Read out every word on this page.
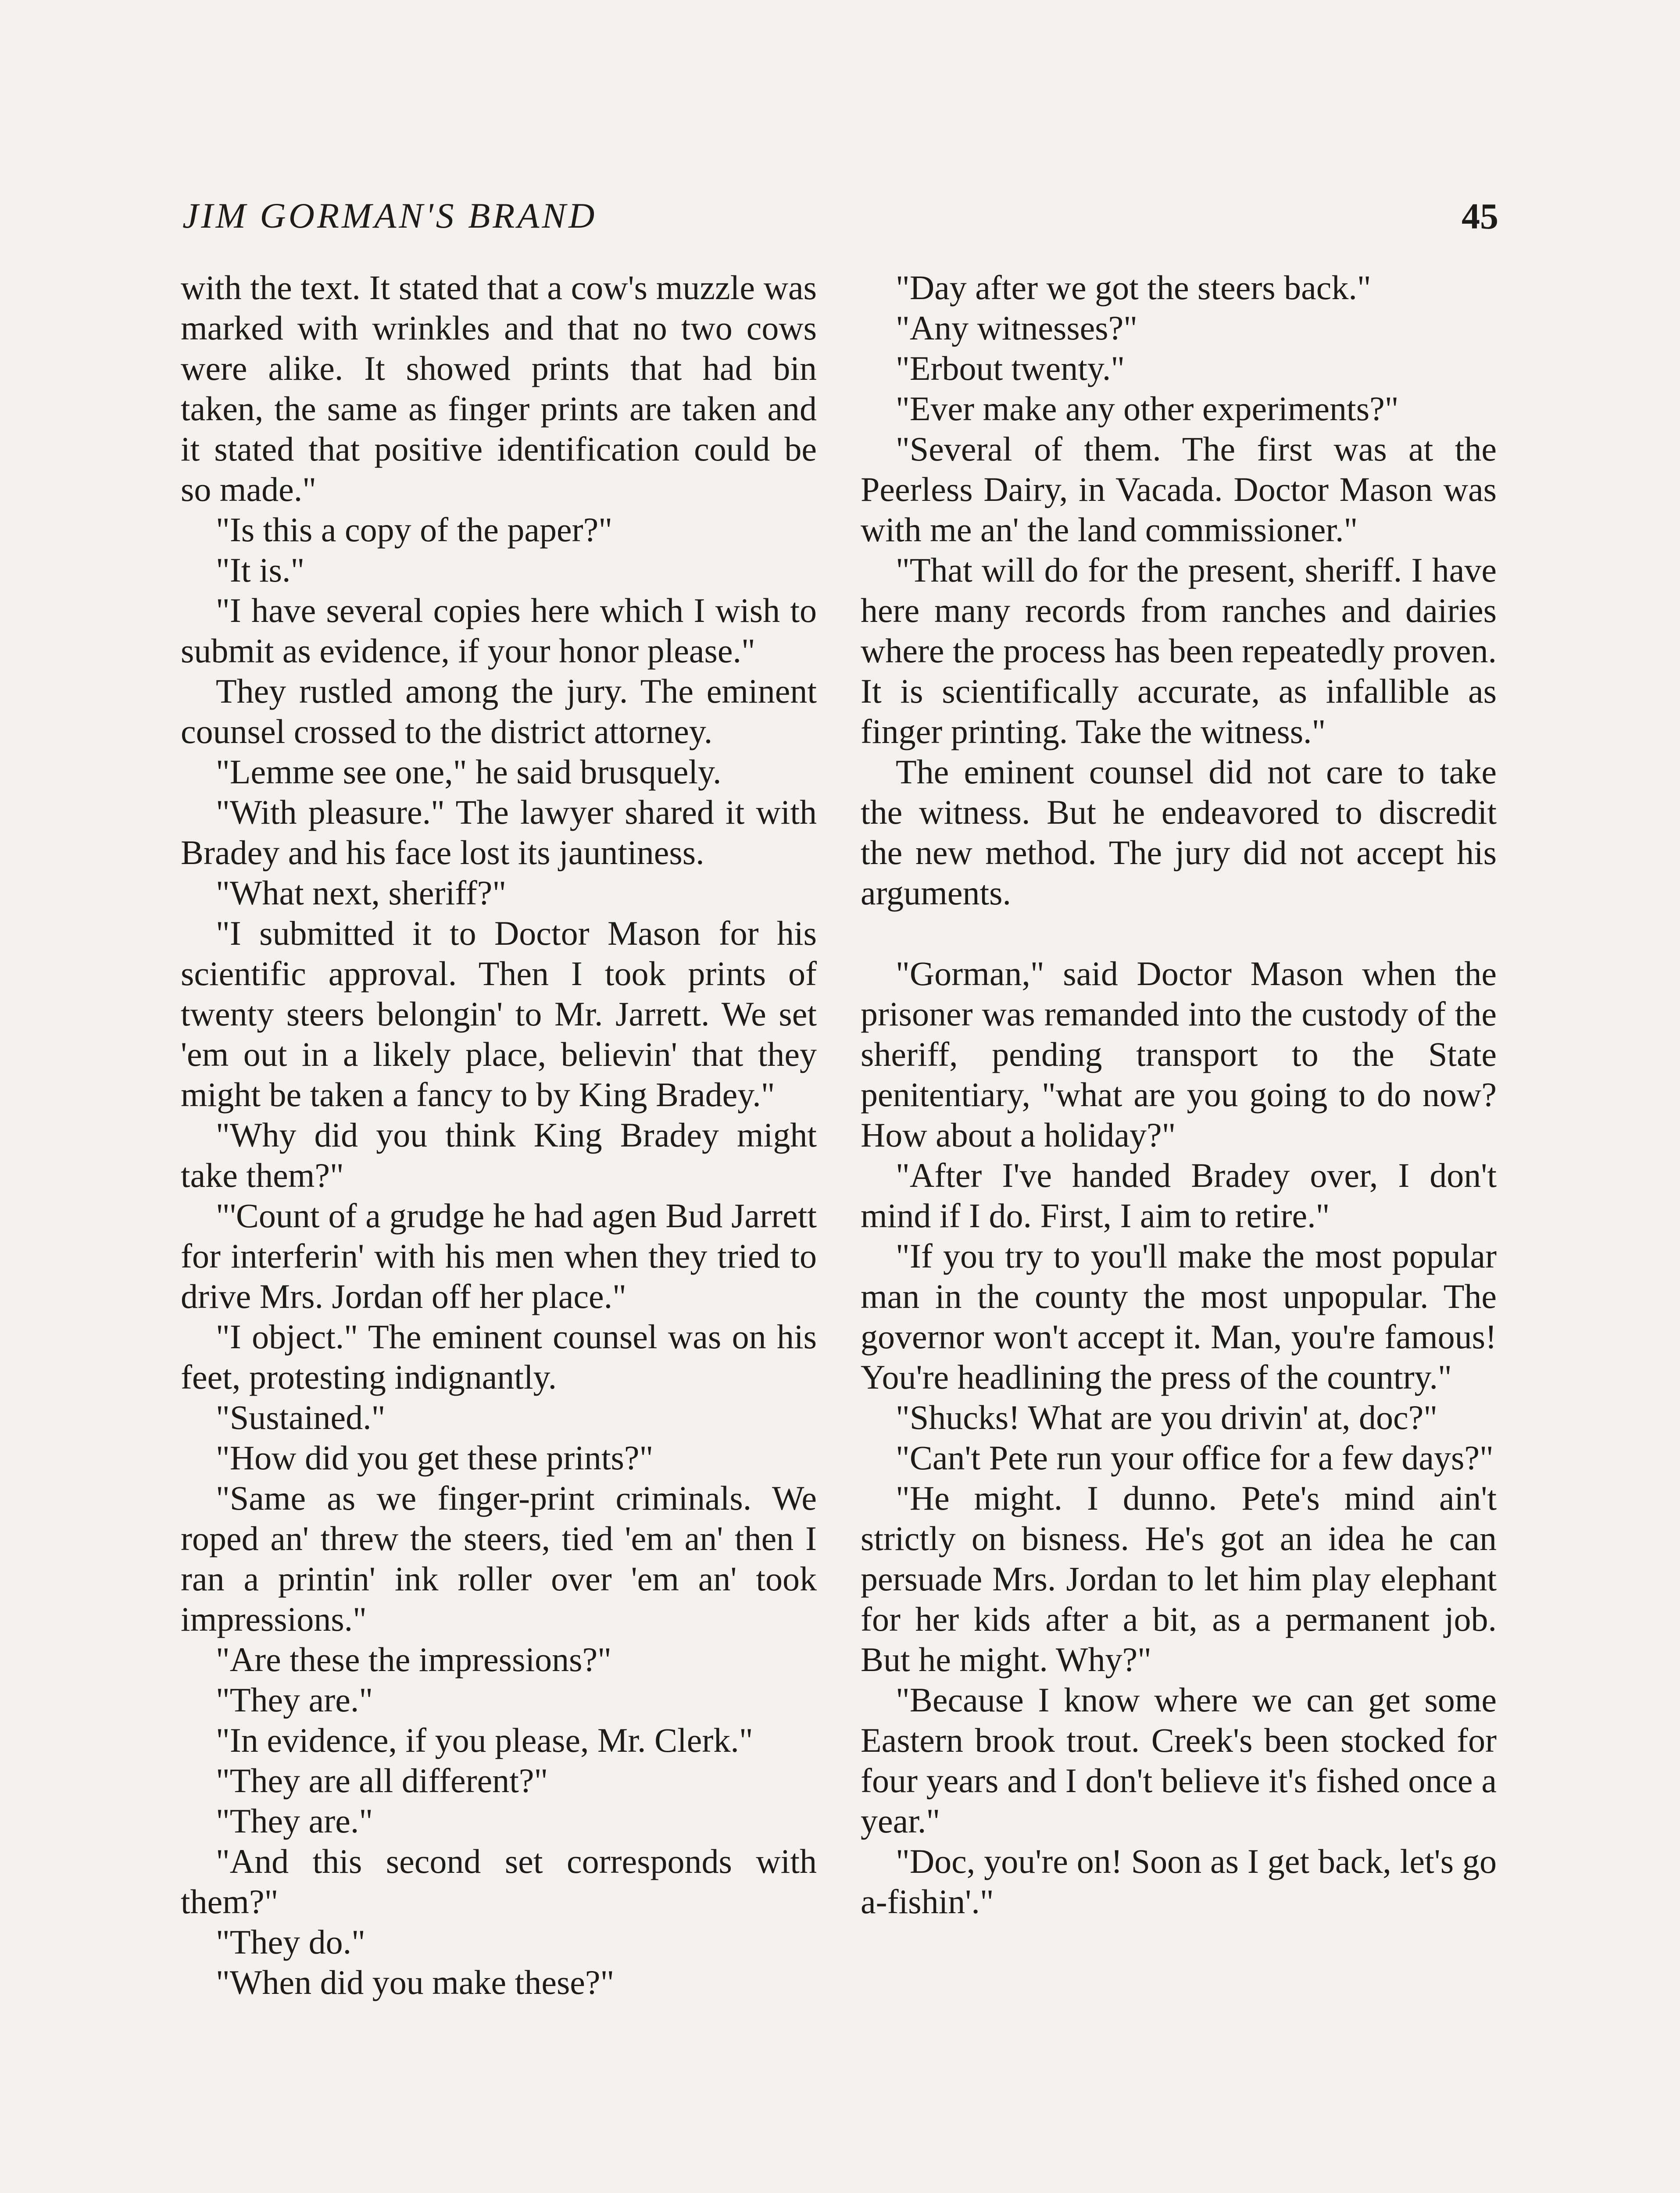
JIM GORMAN'S BRAND	45

with the text. It stated that a cow's muzzle was marked with wrinkles and that no two cows were alike. It showed prints that had bin taken, the same as finger prints are taken and it stated that positive identification could be so made."

"Is this a copy of the paper?"

"It is."

"I have several copies here which I wish to submit as evidence, if your honor please."

They rustled among the jury. The eminent counsel crossed to the district attorney.

"Lemme see one," he said brusquely.

"With pleasure." The lawyer shared it with Bradey and his face lost its jauntiness.

"What next, sheriff?"

"I submitted it to Doctor Mason for his scientific approval. Then I took prints of twenty steers belongin' to Mr. Jarrett. We set 'em out in a likely place, believin' that they might be taken a fancy to by King Bradey."

"Why did you think King Bradey might take them?"

"'Count of a grudge he had agen Bud Jarrett for interferin' with his men when they tried to drive Mrs. Jordan off her place."

"I object." The eminent counsel was on his feet, protesting indignantly.

"Sustained."

"How did you get these prints?"

"Same as we finger-print criminals. We roped an' threw the steers, tied 'em an' then I ran a printin' ink roller over 'em an' took impressions."

"Are these the impressions?"

"They are."

"In evidence, if you please, Mr. Clerk."

"They are all different?"

"They are."

"And this second set corresponds with them?"

"They do."

"When did you make these?"

"Day after we got the steers back."

"Any witnesses?"

"Erbout twenty."

"Ever make any other experiments?"

"Several of them. The first was at the Peerless Dairy, in Vacada. Doctor Mason was with me an' the land commissioner."

"That will do for the present, sheriff. I have here many records from ranches and dairies where the process has been repeatedly proven. It is scientifically accurate, as infallible as finger printing. Take the witness."

The eminent counsel did not care to take the witness. But he endeavored to discredit the new method. The jury did not accept his arguments.

"Gorman," said Doctor Mason when the prisoner was remanded into the custody of the sheriff, pending transport to the State penitentiary, "what are you going to do now? How about a holiday?"

"After I've handed Bradey over, I don't mind if I do. First, I aim to retire."

"If you try to you'll make the most popular man in the county the most unpopular. The governor won't accept it. Man, you're famous! You're headlining the press of the country."

"Shucks! What are you drivin' at, doc?"

"Can't Pete run your office for a few days?"

"He might. I dunno. Pete's mind ain't strictly on bisness. He's got an idea he can persuade Mrs. Jordan to let him play elephant for her kids after a bit, as a permanent job. But he might. Why?"

"Because I know where we can get some Eastern brook trout. Creek's been stocked for four years and I don't believe it's fished once a year."

"Doc, you're on! Soon as I get back, let's go a-fishin'."
